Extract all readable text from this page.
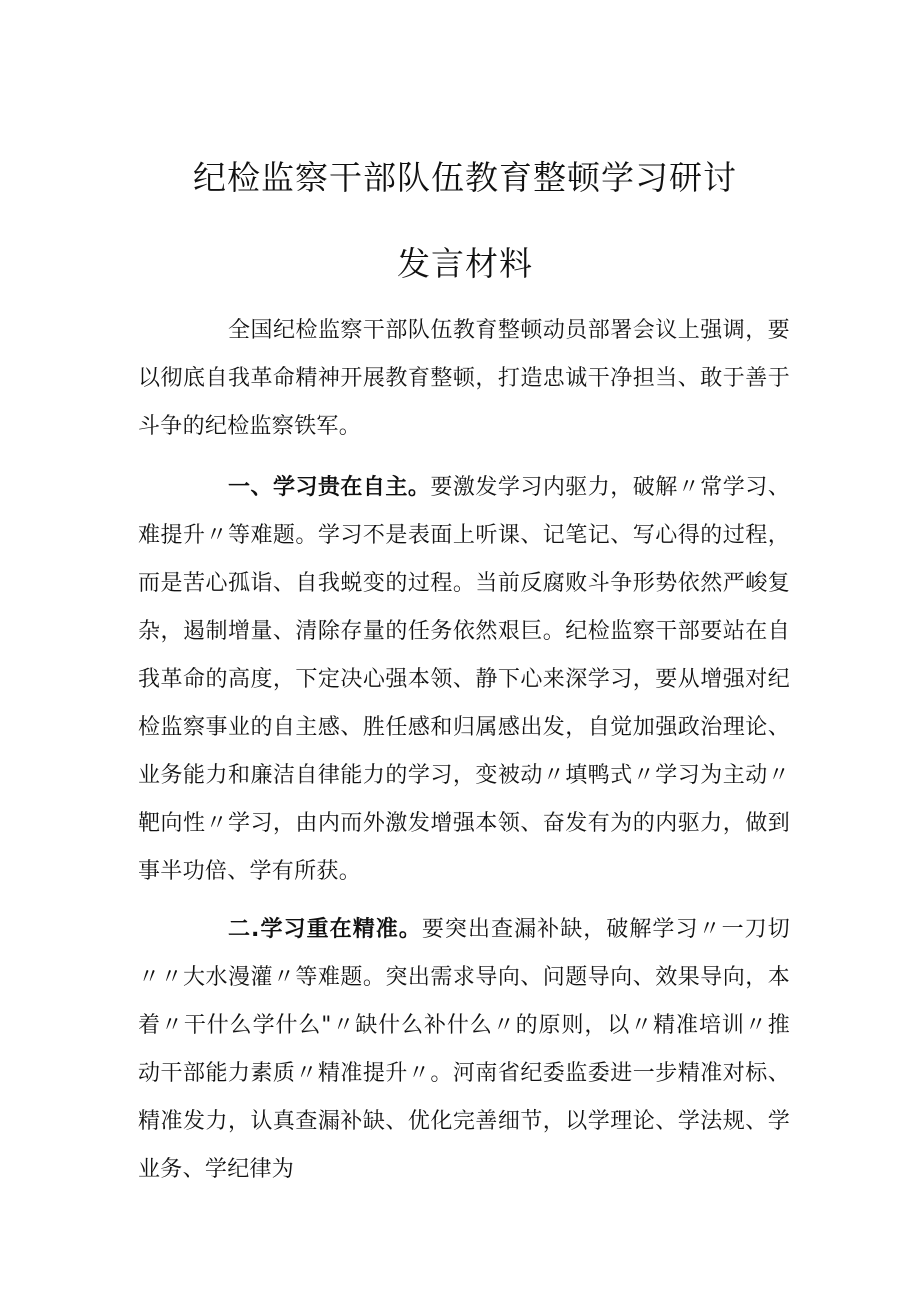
纪检监察干部队伍教育整顿学习研讨
发言材料

全国纪检监察干部队伍教育整顿动员部署会议上强调，要以彻底自我革命精神开展教育整顿，打造忠诚干净担当、敢于善于斗争的纪检监察铁军。

一、学习贵在自主。要激发学习内驱力，破解〃常学习、难提升〃等难题。学习不是表面上听课、记笔记、写心得的过程，而是苦心孤诣、自我蜕变的过程。当前反腐败斗争形势依然严峻复杂，遏制增量、清除存量的任务依然艰巨。纪检监察干部要站在自我革命的高度，下定决心强本领、静下心来深学习，要从增强对纪检监察事业的自主感、胜任感和归属感出发，自觉加强政治理论、业务能力和廉洁自律能力的学习，变被动〃填鸭式〃学习为主动〃靶向性〃学习，由内而外激发增强本领、奋发有为的内驱力，做到事半功倍、学有所获。

二.学习重在精准。要突出查漏补缺，破解学习〃一刀切〃〃大水漫灌〃等难题。突出需求导向、问题导向、效果导向，本着〃干什么学什么"〃缺什么补什么〃的原则，以〃精准培训〃推动干部能力素质〃精准提升〃。河南省纪委监委进一步精准对标、精准发力，认真查漏补缺、优化完善细节，以学理论、学法规、学业务、学纪律为
